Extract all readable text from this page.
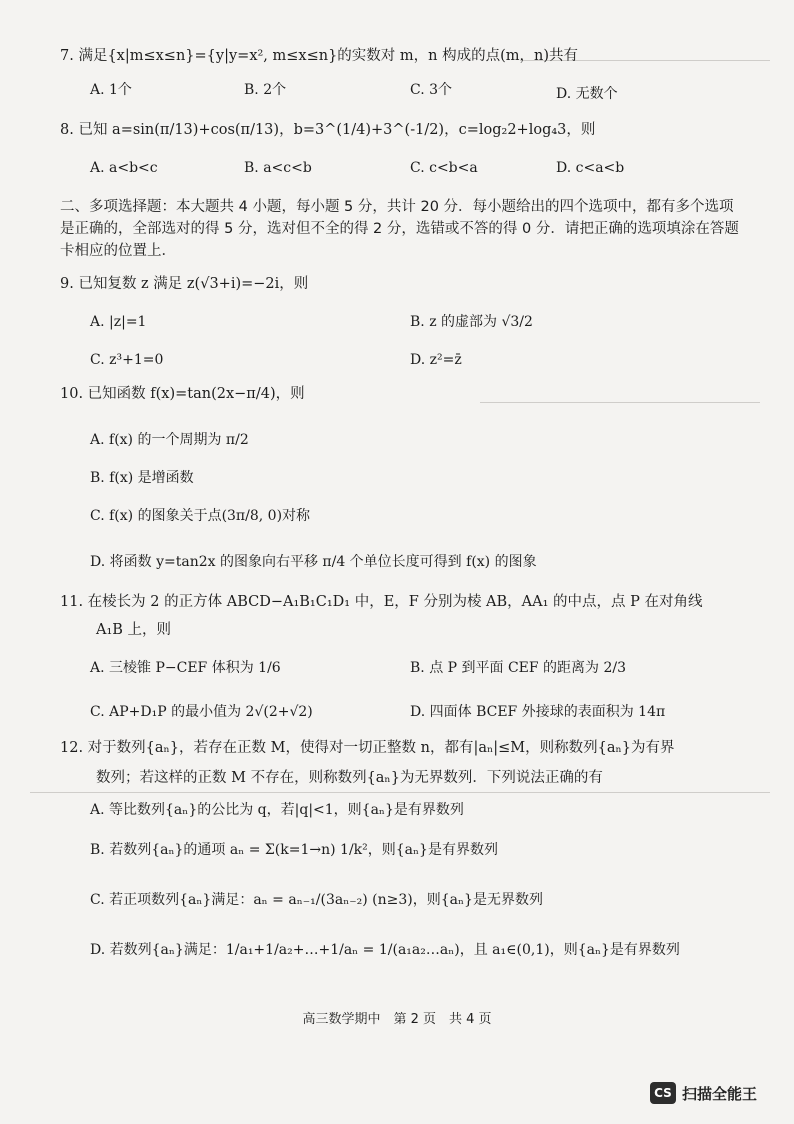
7. 满足{x|m≤x≤n}={y|y=x², m≤x≤n}的实数对 m，n 构成的点(m，n)共有
A. 1个	B. 2个	C. 3个	D. 无数个
8. 已知 a=sin(π/13)+cos(π/13)，b=3^(1/4)+3^(-1/2)，c=log₂2+log₄3，则
A. a<b<c	B. a<c<b	C. c<b<a	D. c<a<b
二、多项选择题：本大题共 4 小题，每小题 5 分，共计 20 分．每小题给出的四个选项中，都有多个选项是正确的，全部选对的得 5 分，选对但不全的得 2 分，选错或不答的得 0 分．请把正确的选项填涂在答题卡相应的位置上．
9. 已知复数 z 满足 z(√3+i)=−2i，则
A. |z|=1	B. z 的虚部为 √3/2
C. z³+1=0	D. z²=z̄
10. 已知函数 f(x)=tan(2x−π/4)，则
A. f(x) 的一个周期为 π/2
B. f(x) 是增函数
C. f(x) 的图象关于点(3π/8, 0)对称
D. 将函数 y=tan2x 的图象向右平移 π/4 个单位长度可得到 f(x) 的图象
11. 在棱长为 2 的正方体 ABCD−A₁B₁C₁D₁ 中，E，F 分别为棱 AB，AA₁ 的中点，点 P 在对角线
A₁B 上，则
A. 三棱锥 P−CEF 体积为 1/6	B. 点 P 到平面 CEF 的距离为 2/3
C. AP+D₁P 的最小值为 2√(2+√2)	D. 四面体 BCEF 外接球的表面积为 14π
12. 对于数列{aₙ}，若存在正数 M，使得对一切正整数 n，都有|aₙ|≤M，则称数列{aₙ}为有界
数列；若这样的正数 M 不存在，则称数列{aₙ}为无界数列．下列说法正确的有
A. 等比数列{aₙ}的公比为 q，若|q|<1，则{aₙ}是有界数列
B. 若数列{aₙ}的通项 aₙ = Σ(k=1→n) 1/k²，则{aₙ}是有界数列
C. 若正项数列{aₙ}满足：aₙ = aₙ₋₁/(3aₙ₋₂) (n≥3)，则{aₙ}是无界数列
D. 若数列{aₙ}满足：1/a₁+1/a₂+…+1/aₙ = 1/(a₁a₂…aₙ)，且 a₁∈(0,1)，则{aₙ}是有界数列
高三数学期中　第 2 页　共 4 页
CS 扫描全能王
